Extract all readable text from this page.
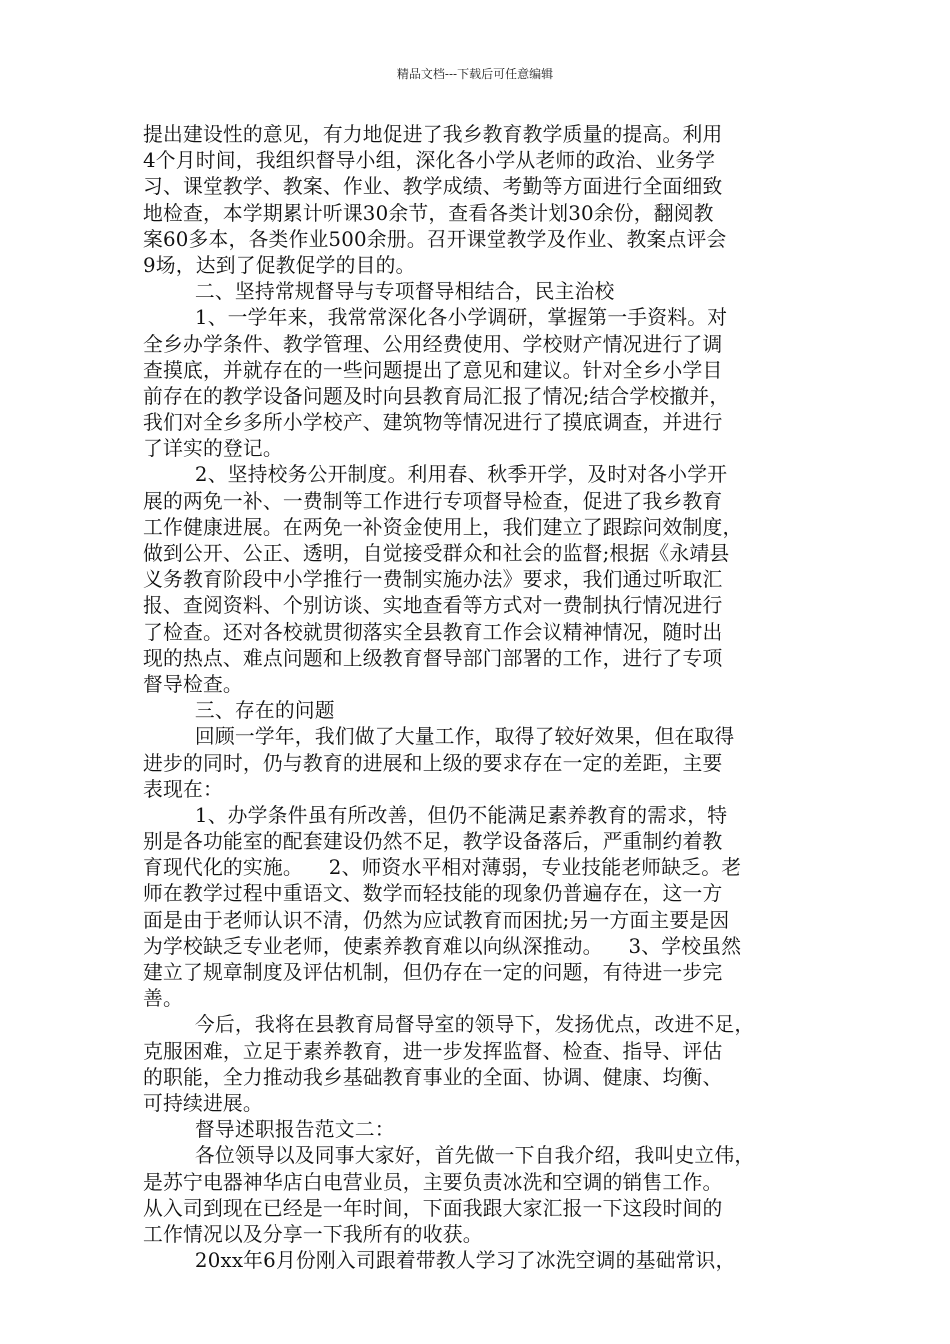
精品文档---下载后可任意编辑
提出建设性的意见，有力地促进了我乡教育教学质量的提高。利用
4个月时间，我组织督导小组，深化各小学从老师的政治、业务学
习、课堂教学、教案、作业、教学成绩、考勤等方面进行全面细致
地检查，本学期累计听课30余节，查看各类计划30余份，翻阅教
案60多本，各类作业500余册。召开课堂教学及作业、教案点评会
9场，达到了促教促学的目的。
二、坚持常规督导与专项督导相结合，民主治校
1、一学年来，我常常深化各小学调研，掌握第一手资料。对
全乡办学条件、教学管理、公用经费使用、学校财产情况进行了调
查摸底，并就存在的一些问题提出了意见和建议。针对全乡小学目
前存在的教学设备问题及时向县教育局汇报了情况;结合学校撤并，
我们对全乡多所小学校产、建筑物等情况进行了摸底调查，并进行
了详实的登记。
2、坚持校务公开制度。利用春、秋季开学，及时对各小学开
展的两免一补、一费制等工作进行专项督导检查，促进了我乡教育
工作健康进展。在两免一补资金使用上，我们建立了跟踪问效制度，
做到公开、公正、透明，自觉接受群众和社会的监督;根据《永靖县
义务教育阶段中小学推行一费制实施办法》要求，我们通过听取汇
报、查阅资料、个别访谈、实地查看等方式对一费制执行情况进行
了检查。还对各校就贯彻落实全县教育工作会议精神情况，随时出
现的热点、难点问题和上级教育督导部门部署的工作，进行了专项
督导检查。
三、存在的问题
回顾一学年，我们做了大量工作，取得了较好效果，但在取得
进步的同时，仍与教育的进展和上级的要求存在一定的差距，主要
表现在：
1、办学条件虽有所改善，但仍不能满足素养教育的需求，特
别是各功能室的配套建设仍然不足，教学设备落后，严重制约着教
育现代化的实施。    2、师资水平相对薄弱，专业技能老师缺乏。老
师在教学过程中重语文、数学而轻技能的现象仍普遍存在，这一方
面是由于老师认识不清，仍然为应试教育而困扰;另一方面主要是因
为学校缺乏专业老师，使素养教育难以向纵深推动。    3、学校虽然
建立了规章制度及评估机制，但仍存在一定的问题，有待进一步完
善。
今后，我将在县教育局督导室的领导下，发扬优点，改进不足，
克服困难，立足于素养教育，进一步发挥监督、检查、指导、评估
的职能，全力推动我乡基础教育事业的全面、协调、健康、均衡、
可持续进展。
督导述职报告范文二：
各位领导以及同事大家好，首先做一下自我介绍，我叫史立伟，
是苏宁电器神华店白电营业员，主要负责冰洗和空调的销售工作。
从入司到现在已经是一年时间，下面我跟大家汇报一下这段时间的
工作情况以及分享一下我所有的收获。
20xx年6月份刚入司跟着带教人学习了冰洗空调的基础常识，
